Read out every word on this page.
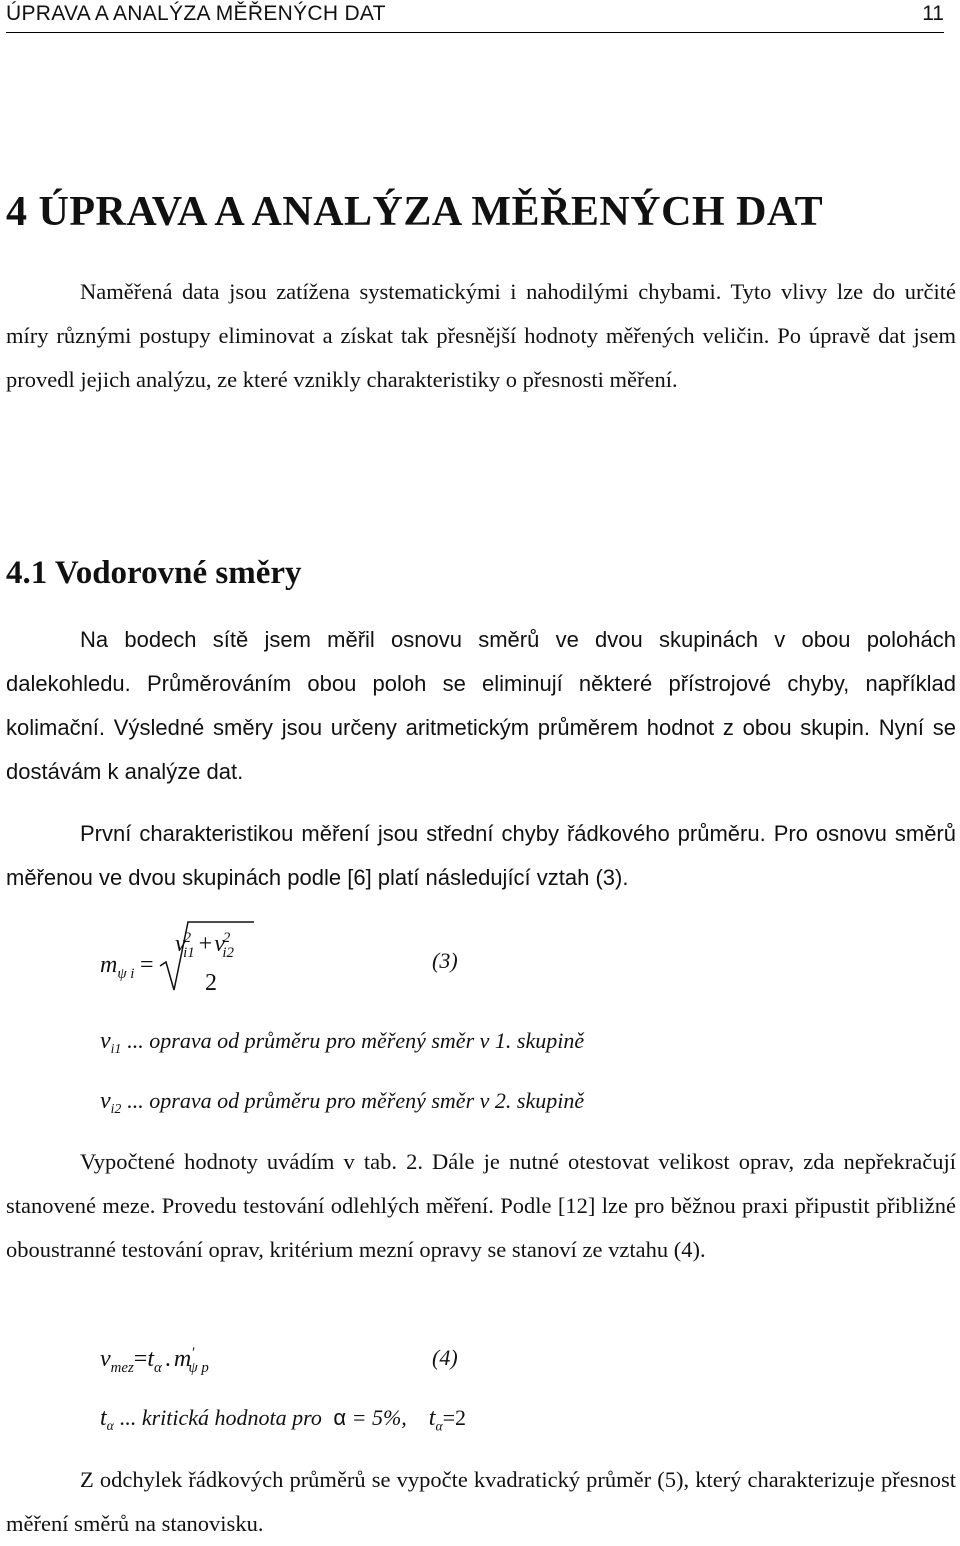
ÚPRAVA A ANALÝZA MĚŘENÝCH DAT	11
4 ÚPRAVA A ANALÝZA MĚŘENÝCH DAT
Naměřená data jsou zatížena systematickými i nahodilými chybami. Tyto vlivy lze do určité míry různými postupy eliminovat a získat tak přesnější hodnoty měřených veličin. Po úpravě dat jsem provedl jejich analýzu, ze které vznikly charakteristiky o přesnosti měření.
4.1 Vodorovné směry
Na bodech sítě jsem měřil osnovu směrů ve dvou skupinách v obou polohách dalekohledu. Průměrováním obou poloh se eliminují některé přístrojové chyby, například kolimační. Výsledné směry jsou určeny aritmetickým průměrem hodnot z obou skupin. Nyní se dostávám k analýze dat.
První charakteristikou měření jsou střední chyby řádkového průměru. Pro osnovu směrů měřenou ve dvou skupinách podle [6] platí následující vztah (3).
$m_{\psi i}$ =
$v^2_{i1} +v^2_{i2}$
2
(3)
$v_{i1}$ ... oprava od průměru pro měřený směr v 1. skupině
$v_{i2}$ ... oprava od průměru pro měřený směr v 2. skupině
Vypočtené hodnoty uvádím v tab. 2. Dále je nutné otestovat velikost oprav, zda nepřekračují stanovené meze. Provedu testování odlehlých měření. Podle [12] lze pro běžnou praxi připustit přibližné oboustranné testování oprav, kritérium mezní opravy se stanoví ze vztahu (4).
$v_{mez}=t_\alpha$ . $m'_{\psi p}$	(4)
$t_\alpha$ ... kritická hodnota pro α = 5%, $t_\alpha=2$
Z odchylek řádkových průměrů se vypočte kvadratický průměr (5), který charakterizuje přesnost měření směrů na stanovisku.
